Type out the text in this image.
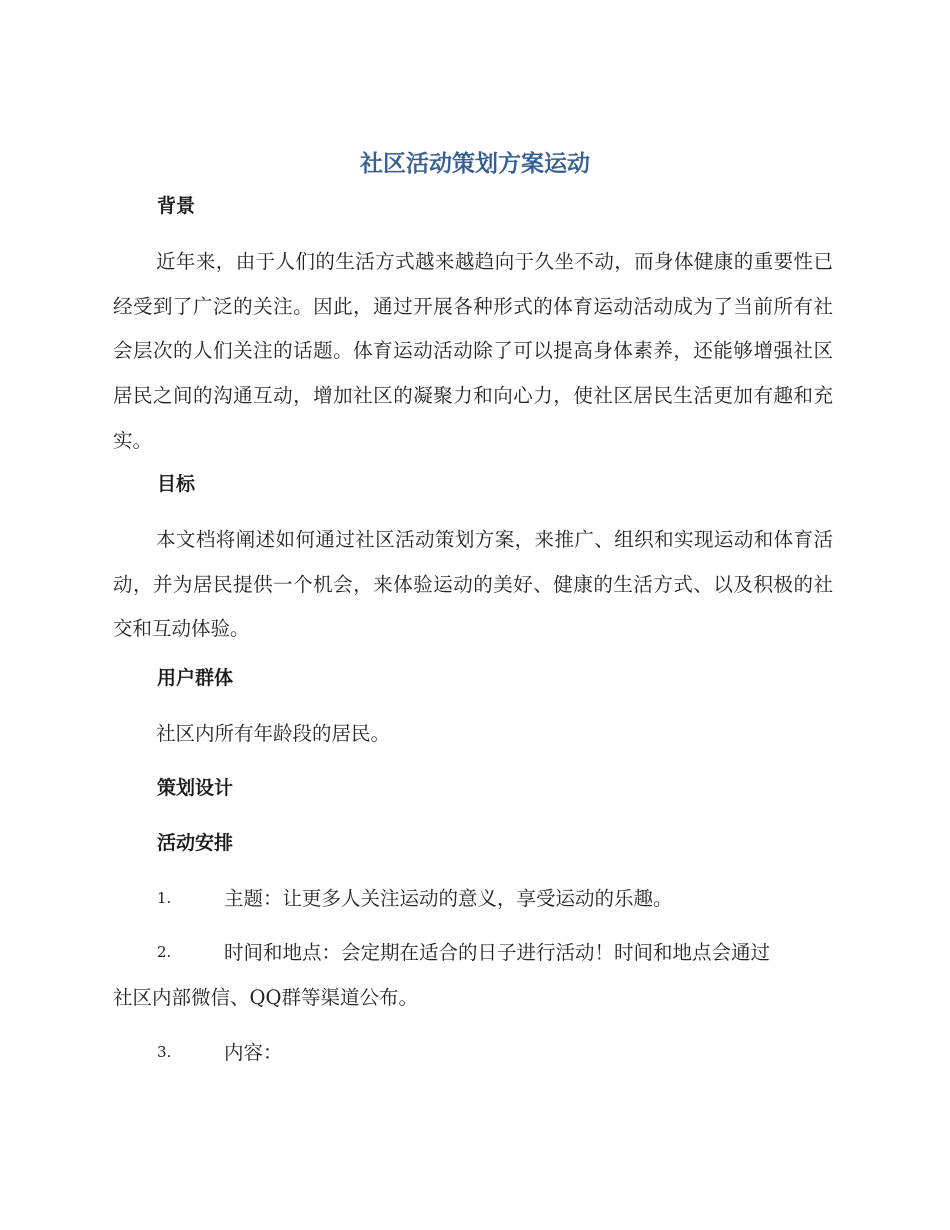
社区活动策划方案运动
背景

近年来，由于人们的生活方式越来越趋向于久坐不动，而身体健康的重要性已经受到了广泛的关注。因此，通过开展各种形式的体育运动活动成为了当前所有社会层次的人们关注的话题。体育运动活动除了可以提高身体素养，还能够增强社区居民之间的沟通互动，增加社区的凝聚力和向心力，使社区居民生活更加有趣和充实。

目标

本文档将阐述如何通过社区活动策划方案，来推广、组织和实现运动和体育活动，并为居民提供一个机会，来体验运动的美好、健康的生活方式、以及积极的社交和互动体验。

用户群体

社区内所有年龄段的居民。

策划设计
活动安排
1.	主题：让更多人关注运动的意义，享受运动的乐趣。
2.	时间和地点：会定期在适合的日子进行活动！时间和地点会通过
社区内部微信、QQ群等渠道公布。
3.	内容：
